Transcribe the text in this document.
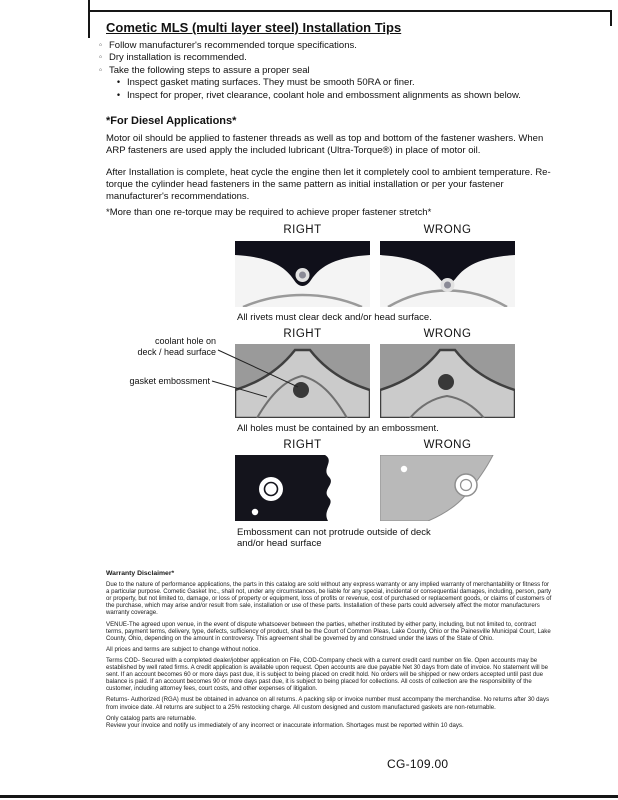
Cometic MLS (multi layer steel) Installation Tips
◦ Follow manufacturer's recommended torque specifications.
◦ Dry installation is recommended.
◦ Take the following steps to assure a proper seal
• Inspect gasket mating surfaces. They must be smooth 50RA or finer.
• Inspect for proper, rivet clearance, coolant hole and embossment alignments as shown below.
*For Diesel Applications*
Motor oil should be applied to fastener threads as well as top and bottom of the fastener washers. When ARP fasteners are used apply the included lubricant (Ultra-Torque®) in place of motor oil.
After Installation is complete, heat cycle the engine then let it completely cool to ambient temperature. Re-torque the cylinder head fasteners in the same pattern as initial installation or per your fastener manufacturer's recommendations.
*More than one re-torque may be required to achieve proper fastener stretch*
RIGHT	WRONG
All rivets must clear deck and/or head surface.
RIGHT	WRONG
coolant hole on
deck / head surface
gasket embossment
All holes must be contained by an embossment.
RIGHT	WRONG
Embossment can not protrude outside of deck
and/or head surface
Warranty Disclaimer*

Due to the nature of performance applications, the parts in this catalog are sold without any express warranty or any implied warranty of merchantability or fitness for a particular purpose. Cometic Gasket Inc., shall not, under any circumstances, be liable for any special, incidental or consequential damages, including, person, party or property, but not limited to, damage, or loss of property or equipment, loss of profits or revenue, cost of purchased or replacement goods, or claims of customers of the purchase, which may arise and/or result from sale, installation or use of these parts. Installation of these parts could adversely affect the motor manufacturers warranty coverage.

VENUE-The agreed upon venue, in the event of dispute whatsoever between the parties, whether instituted by either party, including, but not limited to, contract terms, payment terms, delivery, type, defects, sufficiency of product, shall be the Court of Common Pleas, Lake County, Ohio or the Painesville Municipal Court, Lake County, Ohio, depending on the amount in controversy. This agreement shall be governed by and construed under the laws of the State of Ohio.

All prices and terms are subject to change without notice.

Terms COD- Secured with a completed dealer/jobber application on File, COD-Company check with a current credit card number on file. Open accounts may be established by well rated firms. A credit application is available upon request. Open accounts are due payable Net 30 days from date of invoice. No statement will be sent. If an account becomes 60 or more days past due, it is subject to being placed on credit hold. No orders will be shipped or new orders accepted until past due balance is paid. If an account becomes 90 or more days past due, it is subject to being placed for collections. All costs of collection are the responsibility of the customer, including attorney fees, court costs, and other expenses of litigation.

Returns- Authorized (RGA) must be obtained in advance on all returns. A packing slip or invoice number must accompany the merchandise. No returns after 30 days from invoice date. All returns are subject to a 25% restocking charge. All custom designed and custom manufactured gaskets are non-returnable.

Only catalog parts are returnable.

Review your invoice and notify us immediately of any incorrect or inaccurate information. Shortages must be reported within 10 days.

CG-109.00
